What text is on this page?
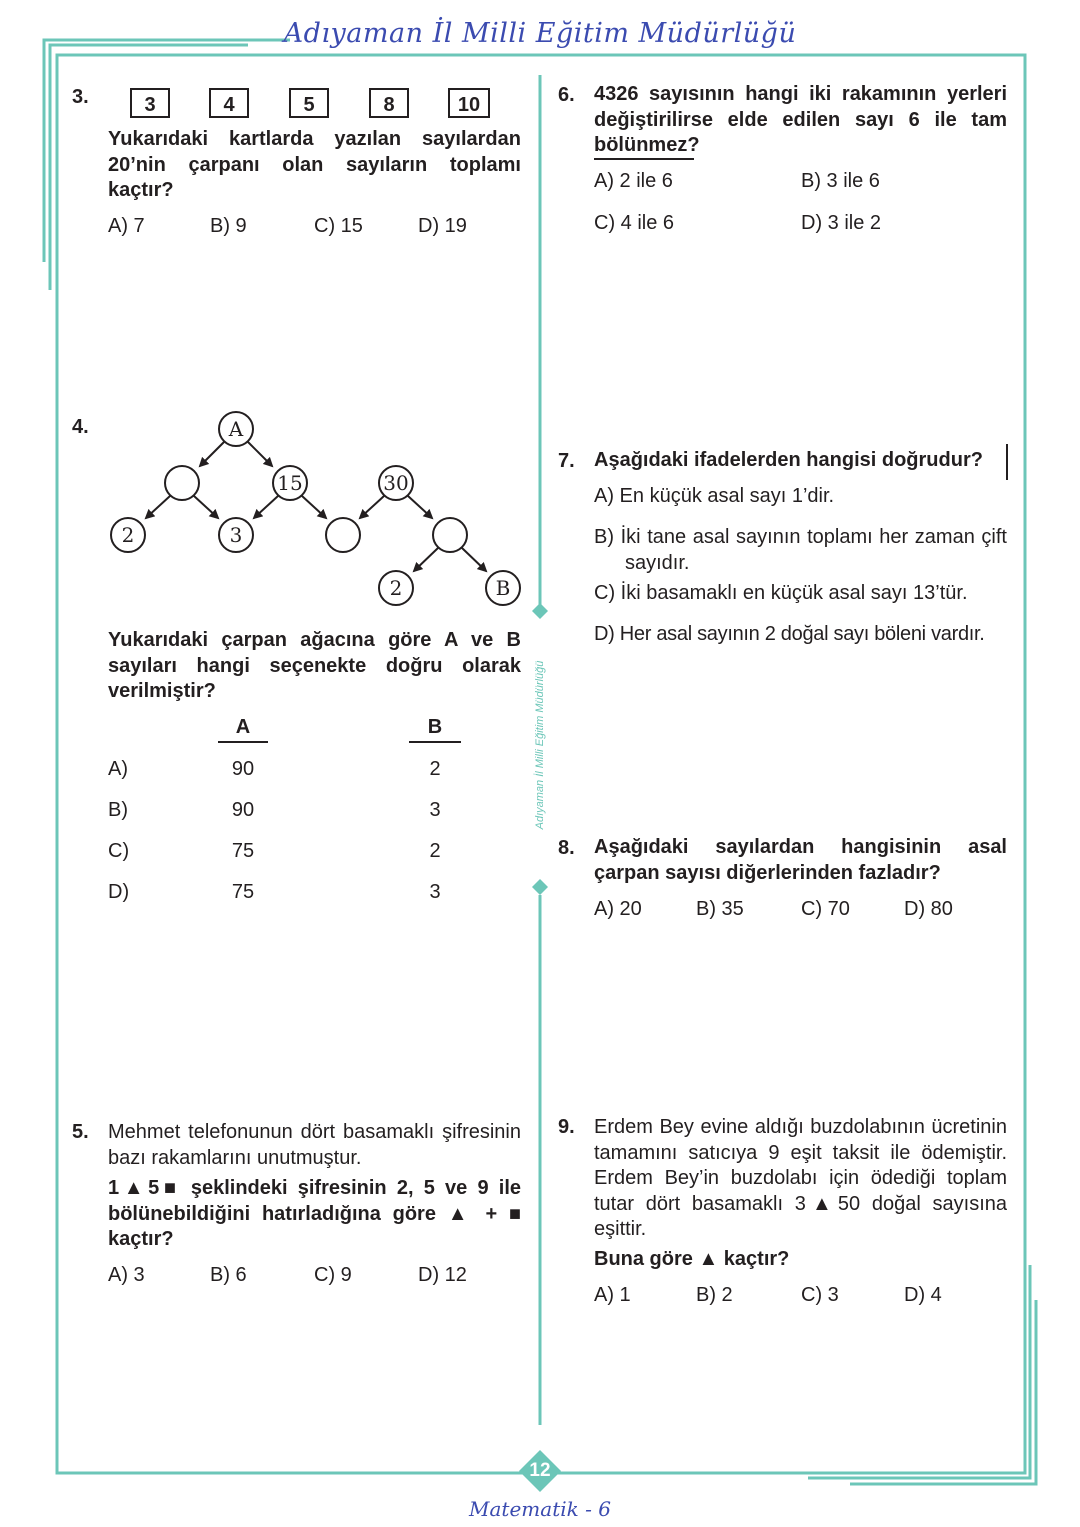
Adıyaman İl Milli Eğitim Müdürlüğü
12
Matematik - 6
Adıyaman İl Milli Eğitim Müdürlüğü
3.	3	4	5	8	10
Yukarıdaki kartlarda yazılan sayılardan 20’nin çarpanı olan sayıların toplamı kaçtır?
A) 7	B) 9	C) 15	D) 19
4.	A
15	30
2	3
2	B
Yukarıdaki çarpan ağacına göre A ve B sayıları hangi seçenekte doğru olarak verilmiştir?
A	B
A)	90	2
B)	90	3
C)	75	2
D)	75	3
5. Mehmet telefonunun dört basamaklı şifresinin bazı rakamlarını unutmuştur.
1▲5■ şeklindeki şifresinin 2, 5 ve 9 ile bölünebildiğini hatırladığına göre ▲ + ■ kaçtır?
A) 3	B) 6	C) 9	D) 12
6. 4326 sayısının hangi iki rakamının yerleri değiştirilirse elde edilen sayı 6 ile tam bölünmez?
A) 2 ile 6	B) 3 ile 6
C) 4 ile 6	D) 3 ile 2
7. Aşağıdaki ifadelerden hangisi doğrudur?
A) En küçük asal sayı 1’dir.
B) İki tane asal sayının toplamı her zaman çift sayıdır.
C) İki basamaklı en küçük asal sayı 13’tür.
D) Her asal sayının 2 doğal sayı böleni vardır.
8. Aşağıdaki sayılardan hangisinin asal çarpan sayısı diğerlerinden fazladır?
A) 20	B) 35	C) 70	D) 80
9. Erdem Bey evine aldığı buzdolabının ücretinin tamamını satıcıya 9 eşit taksit ile ödemiştir. Erdem Bey’in buzdolabı için ödediği toplam tutar dört basamaklı 3▲50 doğal sayısına eşittir.
Buna göre ▲ kaçtır?
A) 1	B) 2	C) 3	D) 4
